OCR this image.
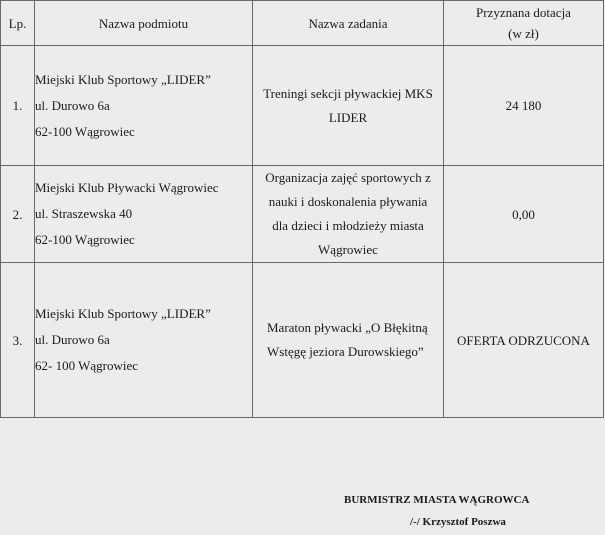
Lp.	Nazwa podmiotu	Nazwa zadania	Przyznana dotacja
(w zł)

1.	Miejski Klub Sportowy „LIDER”
ul. Durowo 6a
62-100 Wągrowiec	Treningi sekcji pływackiej MKS
LIDER	24 180
2.	Miejski Klub Pływacki Wągrowiec
ul. Straszewska 40
62-100 Wągrowiec	Organizacja zajęć sportowych z
nauki i doskonalenia pływania
dla dzieci i młodzieży miasta
Wągrowiec	0,00
3.	Miejski Klub Sportowy „LIDER”
ul. Durowo 6a
62- 100 Wągrowiec	Maraton pływacki „O Błękitną
Wstęgę jeziora Durowskiego”	OFERTA ODRZUCONA
BURMISTRZ MIASTA WĄGROWCA
/-/ Krzysztof Poszwa
